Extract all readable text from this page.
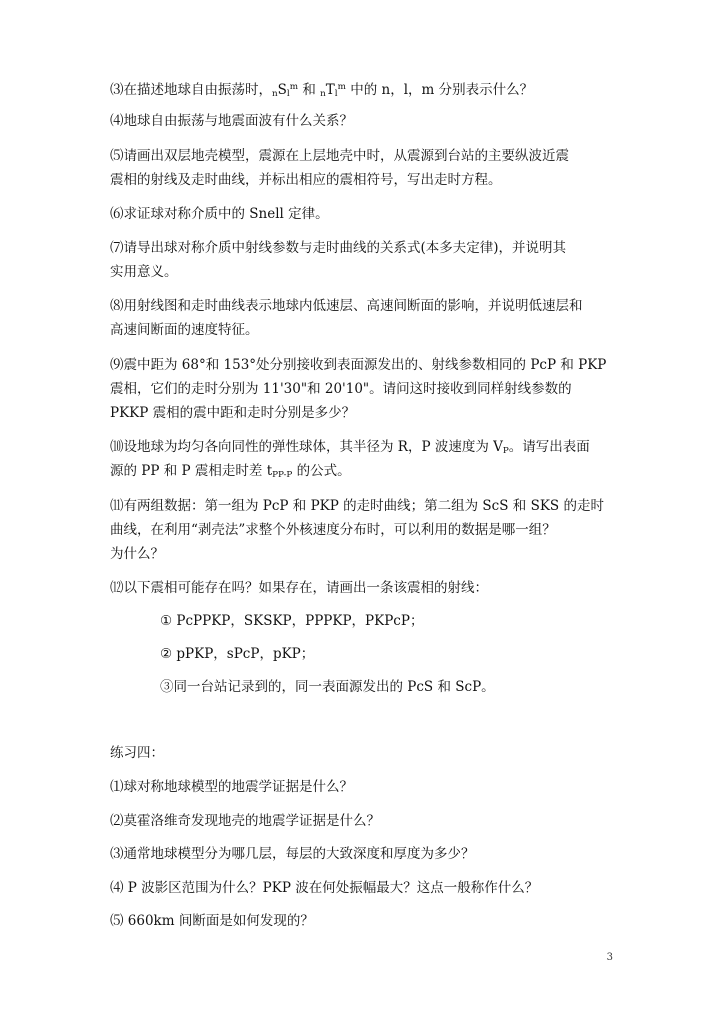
⑶在描述地球自由振荡时，$_nS_l^m$ 和 $_nT_l^m$ 中的 n，l，m 分别表示什么？
⑷地球自由振荡与地震面波有什么关系？
⑸请画出双层地壳模型，震源在上层地壳中时，从震源到台站的主要纵波近震
震相的射线及走时曲线，并标出相应的震相符号，写出走时方程。
⑹求证球对称介质中的 Snell 定律。
⑺请导出球对称介质中射线参数与走时曲线的关系式(本多夫定律)，并说明其
实用意义。
⑻用射线图和走时曲线表示地球内低速层、高速间断面的影响，并说明低速层和
高速间断面的速度特征。
⑼震中距为 68°和 153°处分别接收到表面源发出的、射线参数相同的 PcP 和 PKP
震相，它们的走时分别为 11'30"和 20'10"。请问这时接收到同样射线参数的
PKKP 震相的震中距和走时分别是多少？
⑽设地球为均匀各向同性的弹性球体，其半径为 R，P 波速度为 $V_P$。请写出表面
源的 PP 和 P 震相走时差 $t_{PP-P}$ 的公式。
⑾有两组数据：第一组为 PcP 和 PKP 的走时曲线；第二组为 ScS 和 SKS 的走时
曲线，在利用“剥壳法”求整个外核速度分布时，可以利用的数据是哪一组？
为什么？
⑿以下震相可能存在吗？如果存在，请画出一条该震相的射线：
① PcPPKP，SKSKP，PPPKP，PKPcP；
② pPKP，sPcP，pKP；
③同一台站记录到的，同一表面源发出的 PcS 和 ScP。
练习四：
⑴球对称地球模型的地震学证据是什么？
⑵莫霍洛维奇发现地壳的地震学证据是什么？
⑶通常地球模型分为哪几层，每层的大致深度和厚度为多少？
⑷ P 波影区范围为什么？PKP 波在何处振幅最大？这点一般称作什么？
⑸ 660km 间断面是如何发现的？
3
